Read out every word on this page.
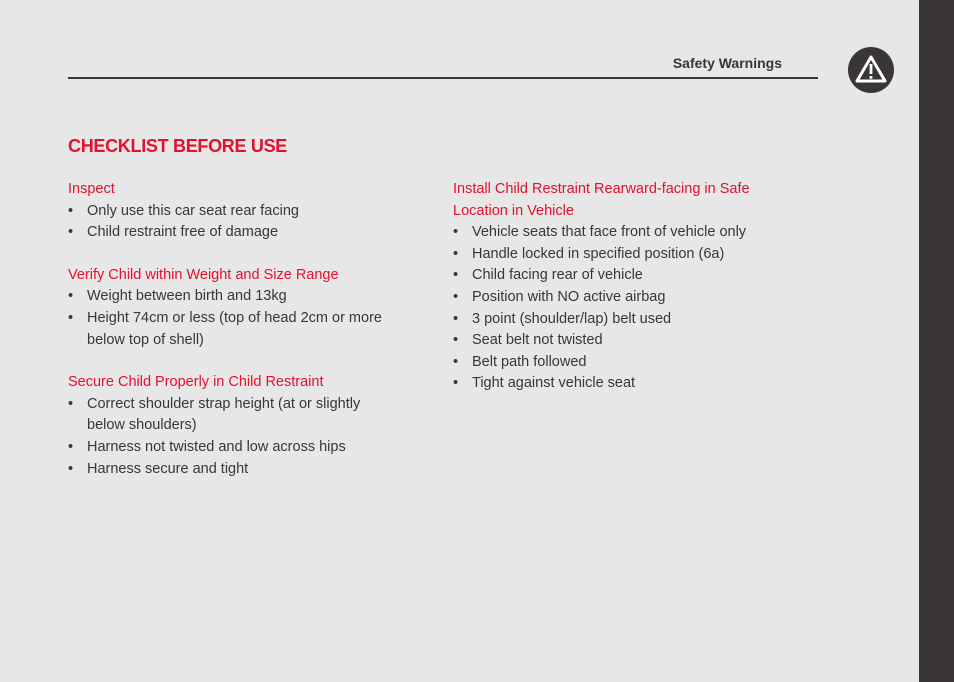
Safety Warnings
CHECKLIST BEFORE USE
Inspect
• Only use this car seat rear facing
• Child restraint free of damage
Verify Child within Weight and Size Range
• Weight between birth and 13kg
• Height 74cm or less (top of head 2cm or more below top of shell)
Secure Child Properly in Child Restraint
• Correct shoulder strap height (at or slightly below shoulders)
• Harness not twisted and low across hips
• Harness secure and tight
Install Child Restraint Rearward-facing in Safe Location in Vehicle
• Vehicle seats that face front of vehicle only
• Handle locked in specified position (6a)
• Child facing rear of vehicle
• Position with NO active airbag
• 3 point (shoulder/lap) belt used
• Seat belt not twisted
• Belt path followed
• Tight against vehicle seat
